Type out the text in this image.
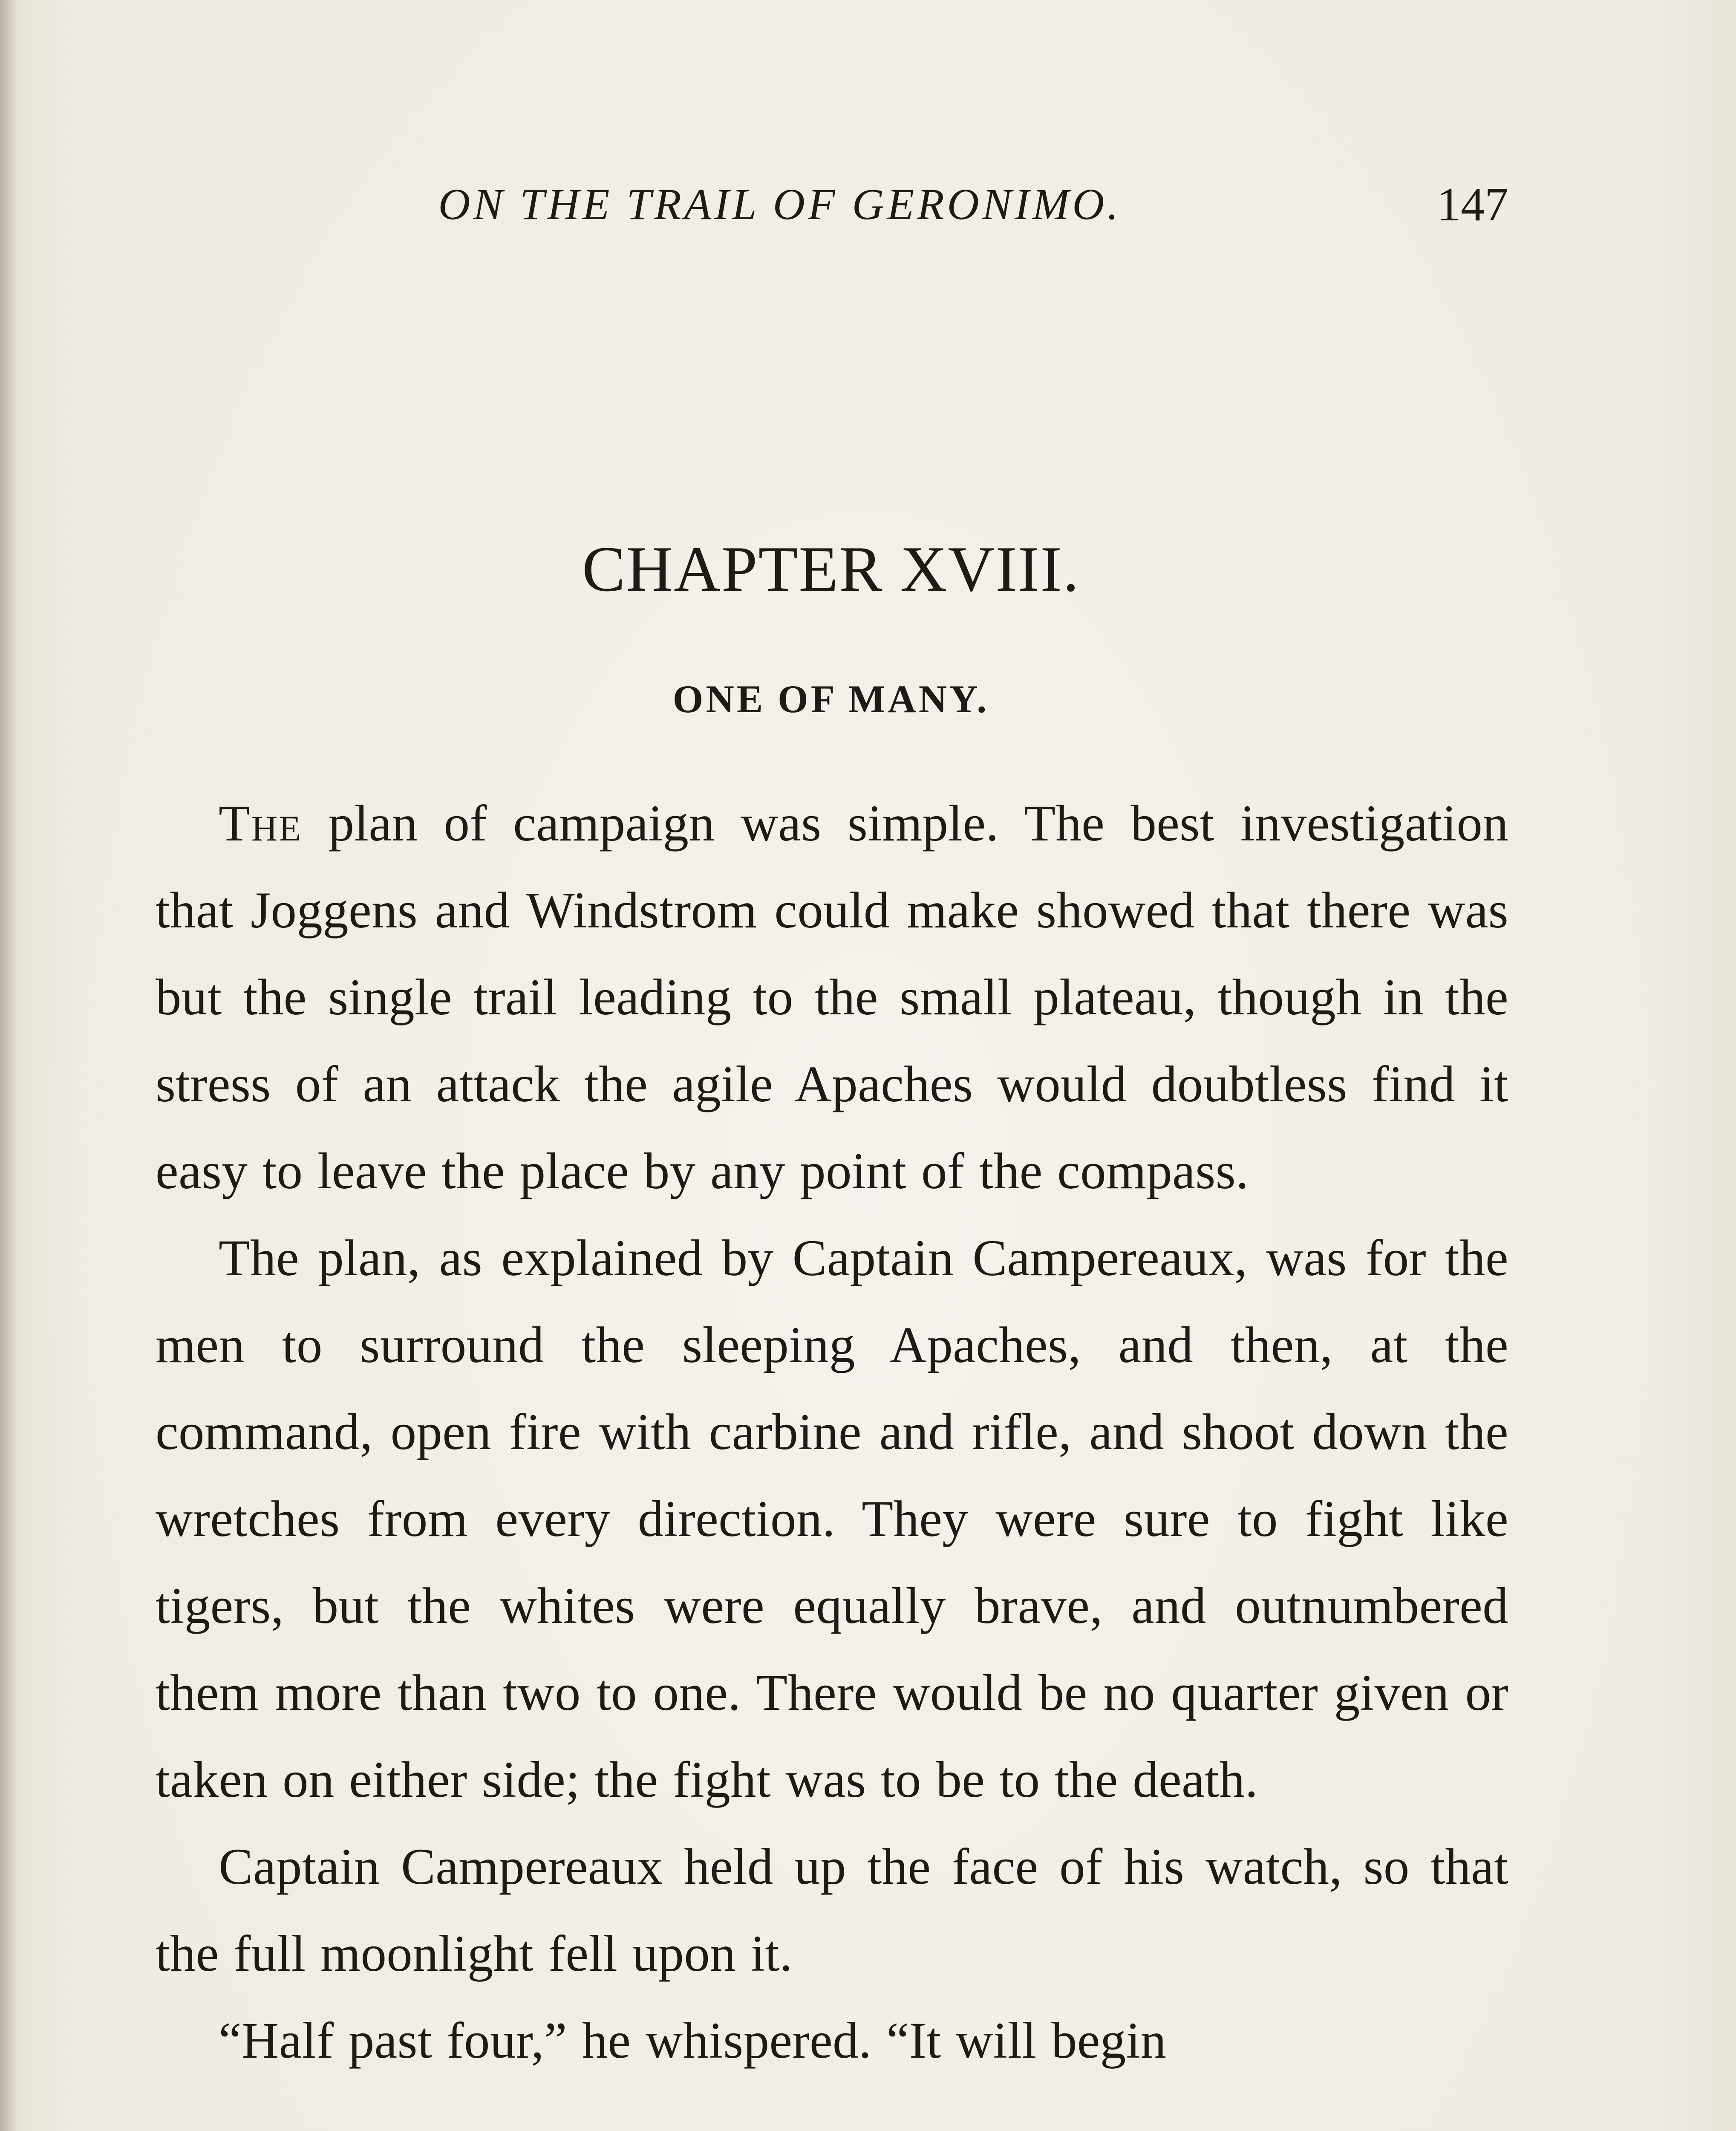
ON THE TRAIL OF GERONIMO.	147
CHAPTER XVIII.
ONE OF MANY.

The plan of campaign was simple. The best investigation that Joggens and Windstrom could make showed that there was but the single trail leading to the small plateau, though in the stress of an attack the agile Apaches would doubtless find it easy to leave the place by any point of the compass.

The plan, as explained by Captain Campereaux, was for the men to surround the sleeping Apaches, and then, at the command, open fire with carbine and rifle, and shoot down the wretches from every direction. They were sure to fight like tigers, but the whites were equally brave, and outnumbered them more than two to one. There would be no quarter given or taken on either side; the fight was to be to the death.

Captain Campereaux held up the face of his watch, so that the full moonlight fell upon it.

“Half past four,” he whispered. “It will begin
